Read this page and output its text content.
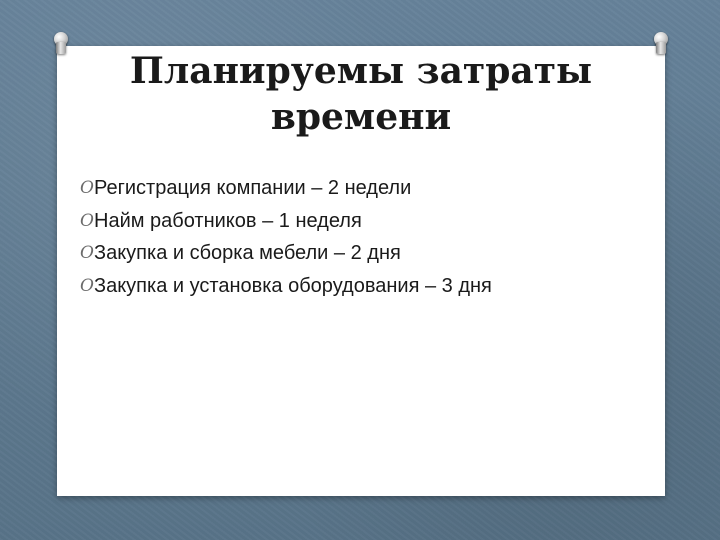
Планируемы затраты
времени
O Регистрация компании – 2 недели
O Найм работников – 1 неделя
O Закупка и сборка мебели – 2 дня
O Закупка и установка оборудования – 3 дня
